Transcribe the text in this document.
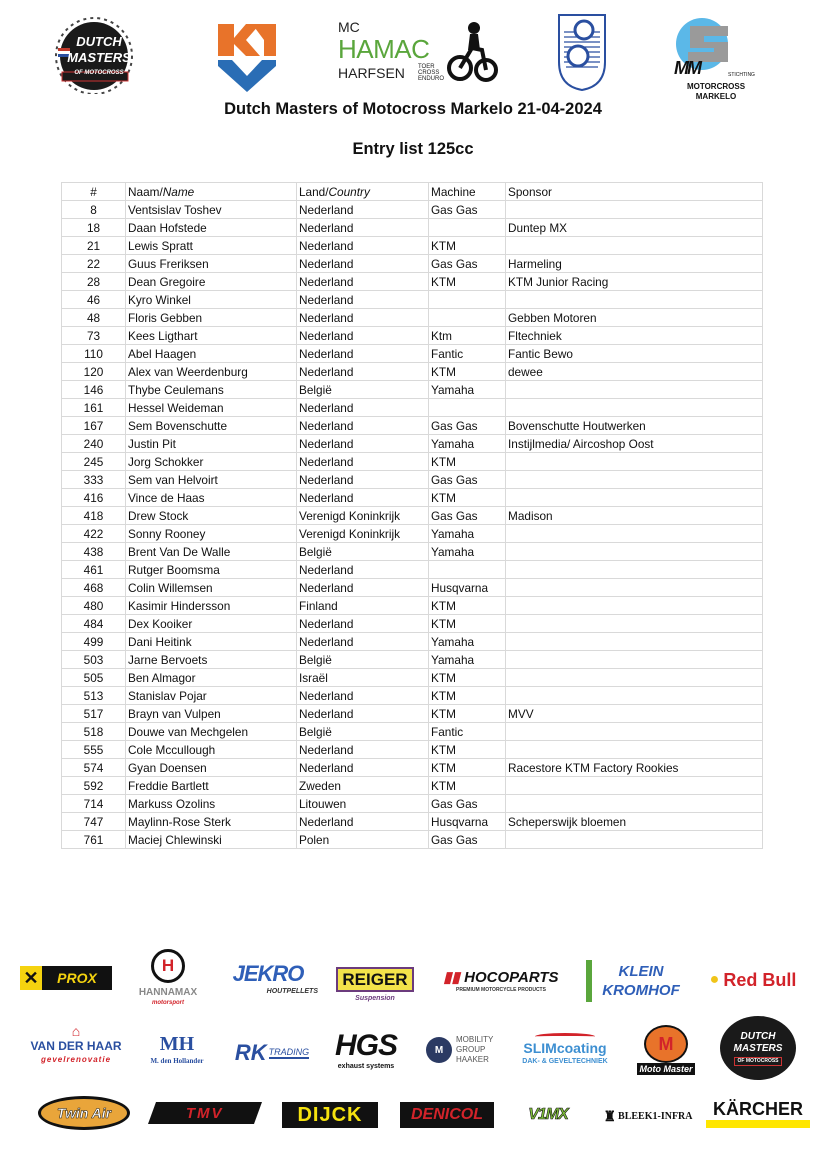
DUTCH
MASTERS
OF MOTOCROSS
MC
HAMAC
HARFSEN TOER CROSS ENDURO
MM	STICHTING
MOTORCROSS MARKELO
Dutch Masters of Motocross Markelo 21-04-2024
Entry list 125cc
#	Naam/Name	Land/Country	Machine	Sponsor
8	Ventsislav Toshev	Nederland	Gas Gas	
18	Daan Hofstede	Nederland		Duntep MX
21	Lewis Spratt	Nederland	KTM	
22	Guus Freriksen	Nederland	Gas Gas	Harmeling
28	Dean Gregoire	Nederland	KTM	KTM Junior Racing
46	Kyro Winkel	Nederland		
48	Floris Gebben	Nederland		Gebben Motoren
73	Kees Ligthart	Nederland	Ktm	Fltechniek
110	Abel Haagen	Nederland	Fantic	Fantic Bewo
120	Alex van Weerdenburg	Nederland	KTM	dewee
146	Thybe Ceulemans	België	Yamaha	
161	Hessel Weideman	Nederland		
167	Sem Bovenschutte	Nederland	Gas Gas	Bovenschutte Houtwerken
240	Justin Pit	Nederland	Yamaha	Instijlmedia/ Aircoshop Oost
245	Jorg Schokker	Nederland	KTM	
333	Sem van Helvoirt	Nederland	Gas Gas	
416	Vince de Haas	Nederland	KTM	
418	Drew Stock	Verenigd Koninkrijk	Gas Gas	Madison
422	Sonny Rooney	Verenigd Koninkrijk	Yamaha	
438	Brent Van De Walle	België	Yamaha	
461	Rutger Boomsma	Nederland		
468	Colin Willemsen	Nederland	Husqvarna	
480	Kasimir Hindersson	Finland	KTM	
484	Dex Kooiker	Nederland	KTM	
499	Dani Heitink	Nederland	Yamaha	
503	Jarne Bervoets	België	Yamaha	
505	Ben Almagor	Israël	KTM	
513	Stanislav Pojar	Nederland	KTM	
517	Brayn van Vulpen	Nederland	KTM	MVV
518	Douwe van Mechgelen	België	Fantic	
555	Cole Mccullough	Nederland	KTM	
574	Gyan Doensen	Nederland	KTM	Racestore KTM Factory Rookies
592	Freddie Bartlett	Zweden	KTM	
714	Markuss Ozolins	Litouwen	Gas Gas	
747	Maylinn-Rose Sterk	Nederland	Husqvarna	Scheperswijk bloemen
761	Maciej Chlewinski	Polen	Gas Gas	
✕	PROX
H
HANNAMAX
motorsport
JEKRO
HOUTPELLETS
REIGER
Suspension
▮▮ HOCOPARTS
PREMIUM MOTORCYCLE PRODUCTS
KLEIN
KROMHOF
● Red Bull
⌂
VAN DER HAAR
gevelrenovatie
MH
M. den Hollander RK TRADING HGS
exhaust systems
M
MOBILITY GROUP HAAKER
SLIMcoating
DAK- & GEVELTECHNIEK
M
Moto Master
DUTCH MASTERS
OF MOTOCROSS
Twin Air	TMV	DIJCK	DENICOL	V1MX	♜ BLEEK1-INFRA KÄRCHER
